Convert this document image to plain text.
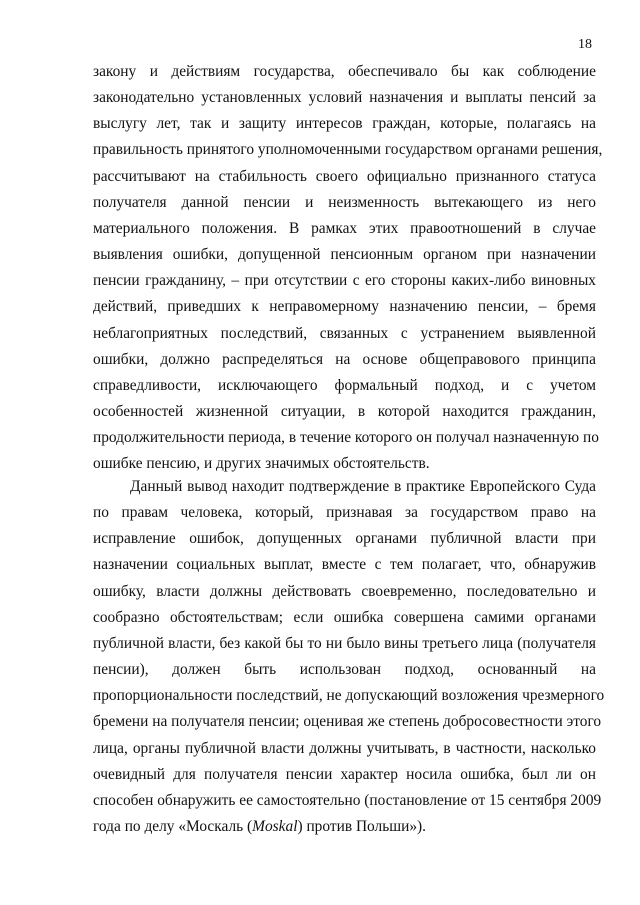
18
закону и действиям государства, обеспечивало бы как соблюдение
законодательно установленных условий назначения и выплаты пенсий за
выслугу лет, так и защиту интересов граждан, которые, полагаясь на
правильность принятого уполномоченными государством органами решения,
рассчитывают на стабильность своего официально признанного статуса
получателя данной пенсии и неизменность вытекающего из него
материального положения. В рамках этих правоотношений в случае
выявления ошибки, допущенной пенсионным органом при назначении
пенсии гражданину, – при отсутствии с его стороны каких-либо виновных
действий, приведших к неправомерному назначению пенсии, – бремя
неблагоприятных последствий, связанных с устранением выявленной
ошибки, должно распределяться на основе общеправового принципа
справедливости, исключающего формальный подход, и с учетом
особенностей жизненной ситуации, в которой находится гражданин,
продолжительности периода, в течение которого он получал назначенную по
ошибке пенсию, и других значимых обстоятельств.
Данный вывод находит подтверждение в практике Европейского Суда
по правам человека, который, признавая за государством право на
исправление ошибок, допущенных органами публичной власти при
назначении социальных выплат, вместе с тем полагает, что, обнаружив
ошибку, власти должны действовать своевременно, последовательно и
сообразно обстоятельствам; если ошибка совершена самими органами
публичной власти, без какой бы то ни было вины третьего лица (получателя
пенсии), должен быть использован подход, основанный на
пропорциональности последствий, не допускающий возложения чрезмерного
бремени на получателя пенсии; оценивая же степень добросовестности этого
лица, органы публичной власти должны учитывать, в частности, насколько
очевидный для получателя пенсии характер носила ошибка, был ли он
способен обнаружить ее самостоятельно (постановление от 15 сентября 2009
года по делу «Москаль (Moskal) против Польши»).
